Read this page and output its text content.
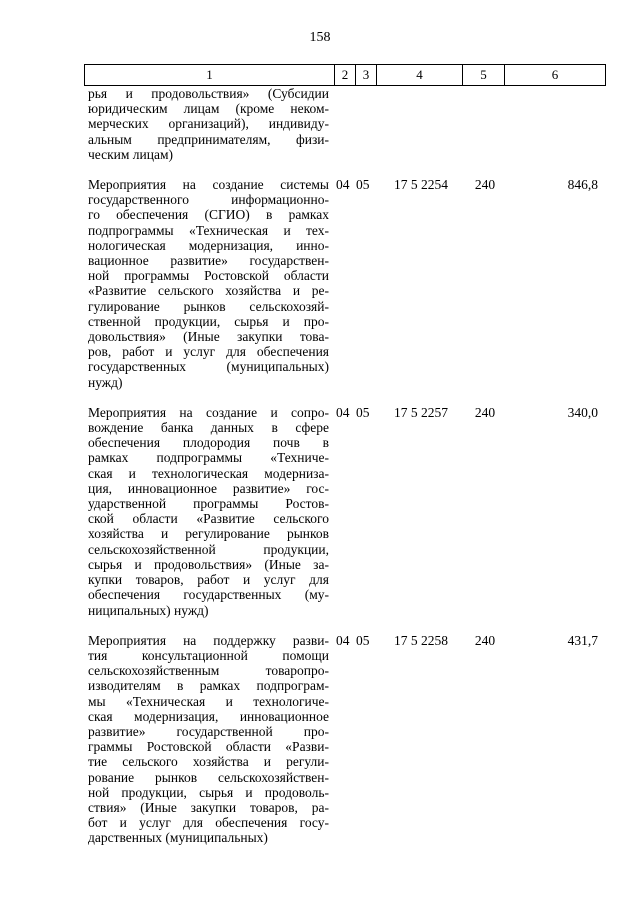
158
1	2	3	4	5	6
рья и продовольствия» (Субсидии
юридическим лицам (кроме неком-
мерческих организаций), индивиду-
альным предпринимателям, физи-
ческим лицам)
Мероприятия на создание системы
государственного информационно-
го обеспечения (СГИО) в рамках
подпрограммы «Техническая и тех-
нологическая модернизация, инно-
вационное развитие» государствен-
ной программы Ростовской области
«Развитие сельского хозяйства и ре-
гулирование рынков сельскохозяй-
ственной продукции, сырья и про-
довольствия» (Иные закупки това-
ров, работ и услуг для обеспечения
государственных (муниципальных)
нужд)
04 05	17 5 2254	240	846,8
Мероприятия на создание и сопро-
вождение банка данных в сфере
обеспечения плодородия почв в
рамках подпрограммы «Техниче-
ская и технологическая модерниза-
ция, инновационное развитие» гос-
ударственной программы Ростов-
ской области «Развитие сельского
хозяйства и регулирование рынков
сельскохозяйственной продукции,
сырья и продовольствия» (Иные за-
купки товаров, работ и услуг для
обеспечения государственных (му-
ниципальных) нужд)
04 05	17 5 2257	240	340,0
Мероприятия на поддержку разви-
тия консультационной помощи
сельскохозяйственным товаропро-
изводителям в рамках подпрограм-
мы «Техническая и технологиче-
ская модернизация, инновационное
развитие» государственной про-
граммы Ростовской области «Разви-
тие сельского хозяйства и регули-
рование рынков сельскохозяйствен-
ной продукции, сырья и продоволь-
ствия» (Иные закупки товаров, ра-
бот и услуг для обеспечения госу-
дарственных (муниципальных)
04 05	17 5 2258	240	431,7
